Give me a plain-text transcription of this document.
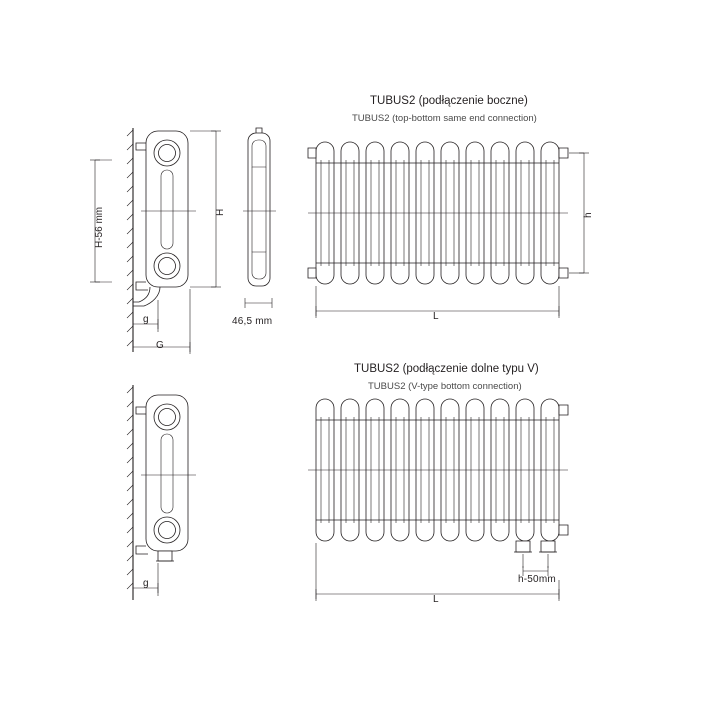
TUBUS2 (podłączenie boczne)
TUBUS2 (top-bottom same end connection)
TUBUS2 (podłączenie dolne typu V)
TUBUS2 (V-type bottom connection)
H-56 mm	H	h
g
G
46,5 mm	L
g	h-50mm
L
